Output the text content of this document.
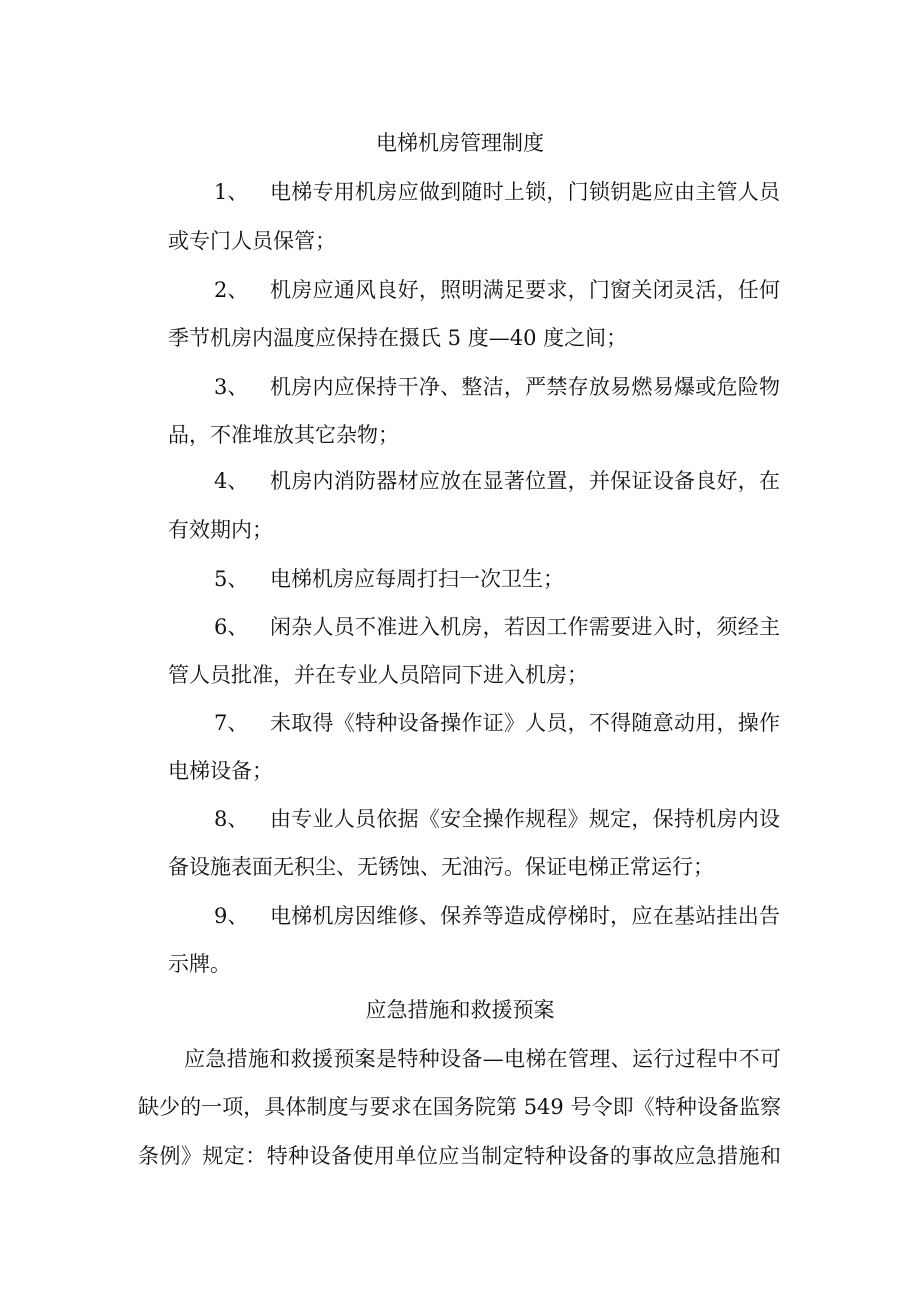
电梯机房管理制度
1、 电梯专用机房应做到随时上锁，门锁钥匙应由主管人员
或专门人员保管；
2、 机房应通风良好，照明满足要求，门窗关闭灵活，任何
季节机房内温度应保持在摄氏 5 度—40 度之间；
3、 机房内应保持干净、整洁，严禁存放易燃易爆或危险物
品，不准堆放其它杂物；
4、 机房内消防器材应放在显著位置，并保证设备良好，在
有效期内；
5、 电梯机房应每周打扫一次卫生；
6、 闲杂人员不准进入机房，若因工作需要进入时，须经主
管人员批准，并在专业人员陪同下进入机房；
7、 未取得《特种设备操作证》人员，不得随意动用，操作
电梯设备；
8、 由专业人员依据《安全操作规程》规定，保持机房内设
备设施表面无积尘、无锈蚀、无油污。保证电梯正常运行；
9、 电梯机房因维修、保养等造成停梯时，应在基站挂出告
示牌。
应急措施和救援预案
应急措施和救援预案是特种设备—电梯在管理、运行过程中不可
缺少的一项，具体制度与要求在国务院第 549 号令即《特种设备监察
条例》规定：特种设备使用单位应当制定特种设备的事故应急措施和
